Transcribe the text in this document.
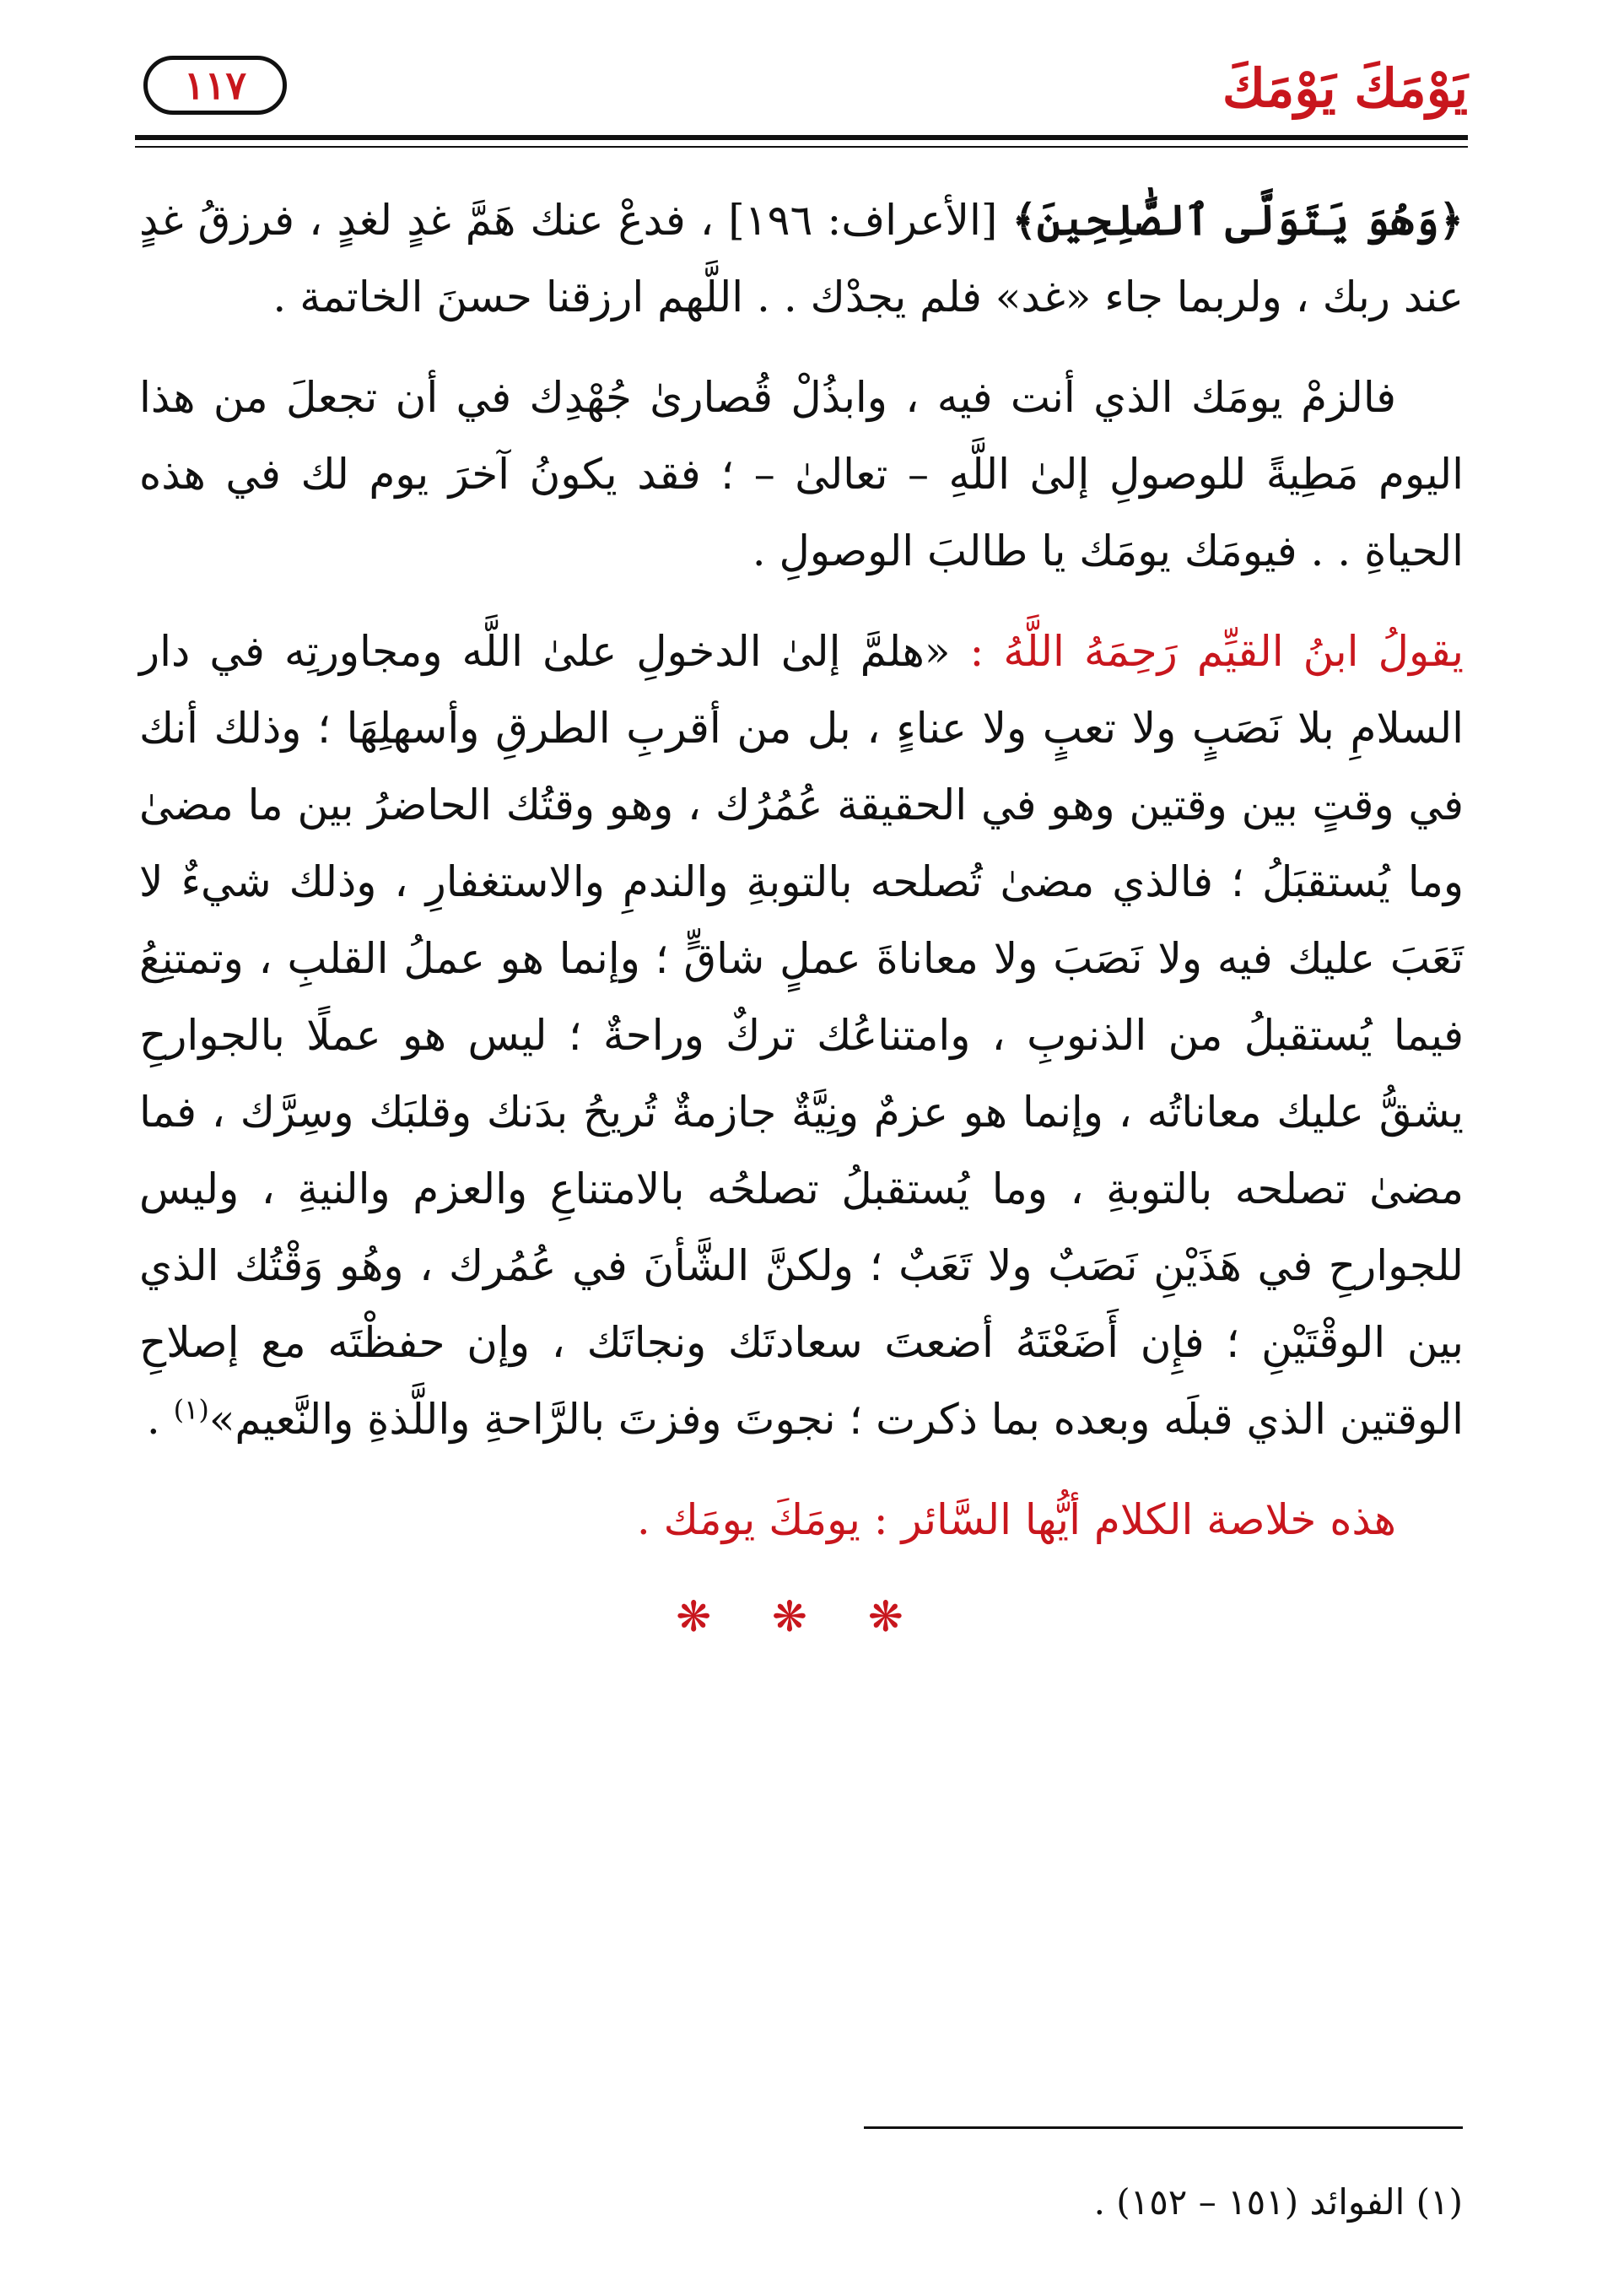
يَوْمَكَ يَوْمَكَ
١١٧

﴿وَهُوَ يَتَوَلَّى ٱلصَّٰلِحِينَ﴾ [الأعراف: ١٩٦] ، فدعْ عنك هَمَّ غدٍ لغدٍ ، فرزقُ غدٍ عند ربك ، ولربما جاء «غد» فلم يجدْك . . اللَّهم ارزقنا حسنَ الخاتمة .

فالزمْ يومَك الذي أنت فيه ، وابذُلْ قُصارىٰ جُهْدِك في أن تجعلَ من هذا اليوم مَطِيةً للوصولِ إلىٰ اللَّهِ – تعالىٰ – ؛ فقد يكونُ آخرَ يوم لك في هذه الحياةِ . . فيومَك يومَك يا طالبَ الوصولِ .

يقولُ ابنُ القيِّم رَحِمَهُ اللَّهُ : «هلمَّ إلىٰ الدخولِ علىٰ اللَّه ومجاورتِه في دار السلامِ بلا نَصَبٍ ولا تعبٍ ولا عناءٍ ، بل من أقربِ الطرقِ وأسهلِهَا ؛ وذلك أنك في وقتٍ بين وقتين وهو في الحقيقة عُمُرُك ، وهو وقتُك الحاضرُ بين ما مضىٰ وما يُستقبَلُ ؛ فالذي مضىٰ تُصلحه بالتوبةِ والندمِ والاستغفارِ ، وذلك شيءٌ لا تَعَبَ عليك فيه ولا نَصَبَ ولا معاناةَ عملٍ شاقٍّ ؛ وإنما هو عملُ القلبِ ، وتمتنِعُ فيما يُستقبلُ من الذنوبِ ، وامتناعُك تركٌ وراحةٌ ؛ ليس هو عملًا بالجوارحِ يشقُّ عليك معاناتُه ، وإنما هو عزمٌ ونِيَّةٌ جازمةٌ تُريحُ بدَنك وقلبَك وسِرَّك ، فما مضىٰ تصلحه بالتوبةِ ، وما يُستقبلُ تصلحُه بالامتناعِ والعزم والنيةِ ، وليس للجوارحِ في هَذَيْنِ نَصَبٌ ولا تَعَبٌ ؛ ولكنَّ الشَّأنَ في عُمُرك ، وهُو وَقْتُك الذي بين الوقْتَيْنِ ؛ فإِن أَضَعْتَهُ أضعتَ سعادتَك ونجاتَك ، وإن حفظْتَه مع إصلاحِ الوقتين الذي قبلَه وبعده بما ذكرت ؛ نجوتَ وفزتَ بالرَّاحةِ واللَّذةِ والنَّعيم»$^{(١)}$ .

هذه خلاصة الكلام أيُّها السَّائر : يومَكَ يومَك .

❋ ❋ ❋
(١) الفوائد (١٥١ – ١٥٢) .
